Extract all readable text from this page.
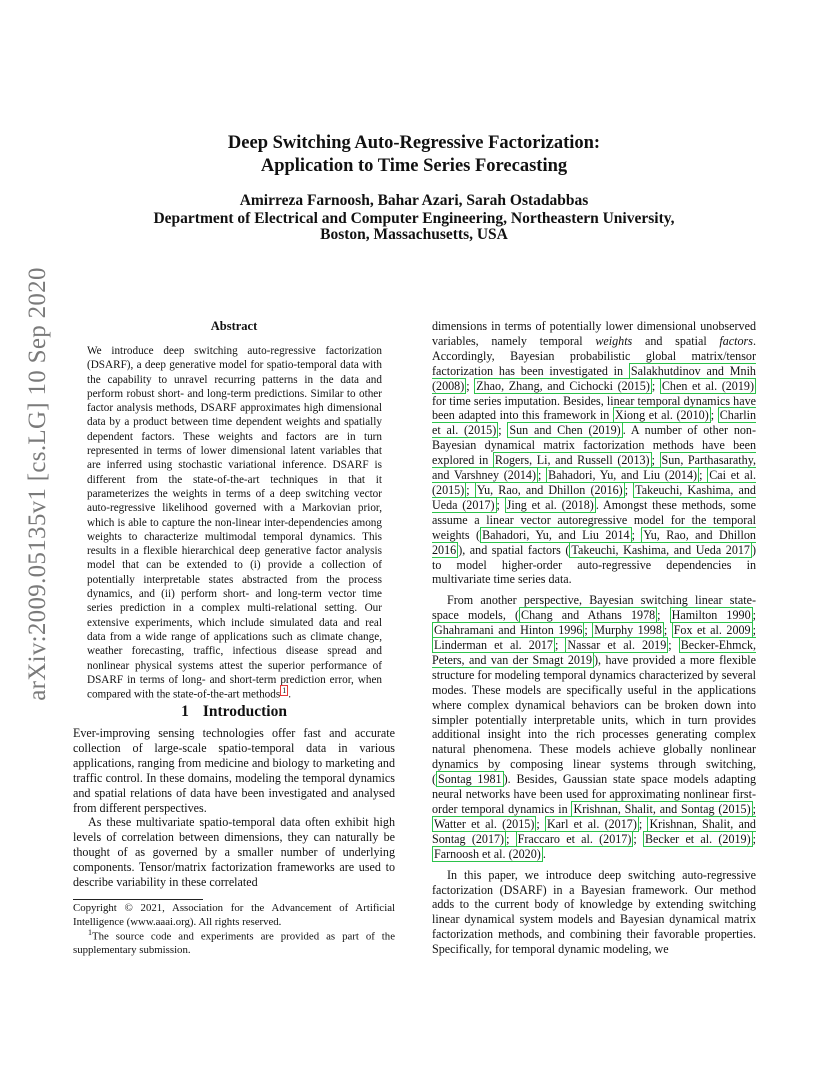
arXiv:2009.05135v1 [cs.LG] 10 Sep 2020
Deep Switching Auto-Regressive Factorization:
Application to Time Series Forecasting
Amirreza Farnoosh, Bahar Azari, Sarah Ostadabbas
Department of Electrical and Computer Engineering, Northeastern University,
Boston, Massachusetts, USA
Abstract

We introduce deep switching auto-regressive factorization (DSARF), a deep generative model for spatio-temporal data with the capability to unravel recurring patterns in the data and perform robust short- and long-term predictions. Similar to other factor analysis methods, DSARF approximates high dimensional data by a product between time dependent weights and spatially dependent factors. These weights and factors are in turn represented in terms of lower dimensional latent variables that are inferred using stochastic variational inference. DSARF is different from the state-of-the-art techniques in that it parameterizes the weights in terms of a deep switching vector auto-regressive likelihood governed with a Markovian prior, which is able to capture the non-linear inter-dependencies among weights to characterize multimodal temporal dynamics. This results in a flexible hierarchical deep generative factor analysis model that can be extended to (i) provide a collection of potentially interpretable states abstracted from the process dynamics, and (ii) perform short- and long-term vector time series prediction in a complex multi-relational setting. Our extensive experiments, which include simulated data and real data from a wide range of applications such as climate change, weather forecasting, traffic, infectious disease spread and nonlinear physical systems attest the superior performance of DSARF in terms of long- and short-term prediction error, when compared with the state-of-the-art methods $^1$ .

1 Introduction

Ever-improving sensing technologies offer fast and accurate collection of large-scale spatio-temporal data in various applications, ranging from medicine and biology to marketing and traffic control. In these domains, modeling the temporal dynamics and spatial relations of data have been investigated and analysed from different perspectives.

As these multivariate spatio-temporal data often exhibit high levels of correlation between dimensions, they can naturally be thought of as governed by a smaller number of underlying components. Tensor/matrix factorization frameworks are used to describe variability in these correlated

Copyright © 2021, Association for the Advancement of Artificial Intelligence (www.aaai.org). All rights reserved.

$^1$The source code and experiments are provided as part of the supplementary submission.

dimensions in terms of potentially lower dimensional unobserved variables, namely temporal weights and spatial factors. Accordingly, Bayesian probabilistic global matrix/tensor factorization has been investigated in Salakhutdinov and Mnih (2008) ; Zhao, Zhang, and Cichocki (2015) ; Chen et al. (2019) for time series imputation. Besides, linear temporal dynamics have been adapted into this framework in Xiong et al. (2010) ; Charlin et al. (2015) ; Sun and Chen (2019) . A number of other non-Bayesian dynamical matrix factorization methods have been explored in Rogers, Li, and Russell (2013) ; Sun, Parthasarathy, and Varshney (2014) ; Bahadori, Yu, and Liu (2014) ; Cai et al. (2015) ; Yu, Rao, and Dhillon (2016) ; Takeuchi, Kashima, and Ueda (2017) ; Jing et al. (2018) . Amongst these methods, some assume a linear vector autoregressive model for the temporal weights ( Bahadori, Yu, and Liu 2014 ; Yu, Rao, and Dhillon 2016 ), and spatial factors ( Takeuchi, Kashima, and Ueda 2017 ) to model higher-order auto-regressive dependencies in multivariate time series data.

From another perspective, Bayesian switching linear state-space models, ( Chang and Athans 1978 ; Hamilton 1990 ; Ghahramani and Hinton 1996 ; Murphy 1998 ; Fox et al. 2009 ; Linderman et al. 2017 ; Nassar et al. 2019 ; Becker-Ehmck, Peters, and van der Smagt 2019 ), have provided a more flexible structure for modeling temporal dynamics characterized by several modes. These models are specifically useful in the applications where complex dynamical behaviors can be broken down into simpler potentially interpretable units, which in turn provides additional insight into the rich processes generating complex natural phenomena. These models achieve globally nonlinear dynamics by composing linear systems through switching, ( Sontag 1981 ). Besides, Gaussian state space models adapting neural networks have been used for approximating nonlinear first-order temporal dynamics in Krishnan, Shalit, and Sontag (2015) ; Watter et al. (2015) ; Karl et al. (2017) ; Krishnan, Shalit, and Sontag (2017) ; Fraccaro et al. (2017) ; Becker et al. (2019) ; Farnoosh et al. (2020) .

In this paper, we introduce deep switching auto-regressive factorization (DSARF) in a Bayesian framework. Our method adds to the current body of knowledge by extending switching linear dynamical system models and Bayesian dynamical matrix factorization methods, and combining their favorable properties. Specifically, for temporal dynamic modeling, we
